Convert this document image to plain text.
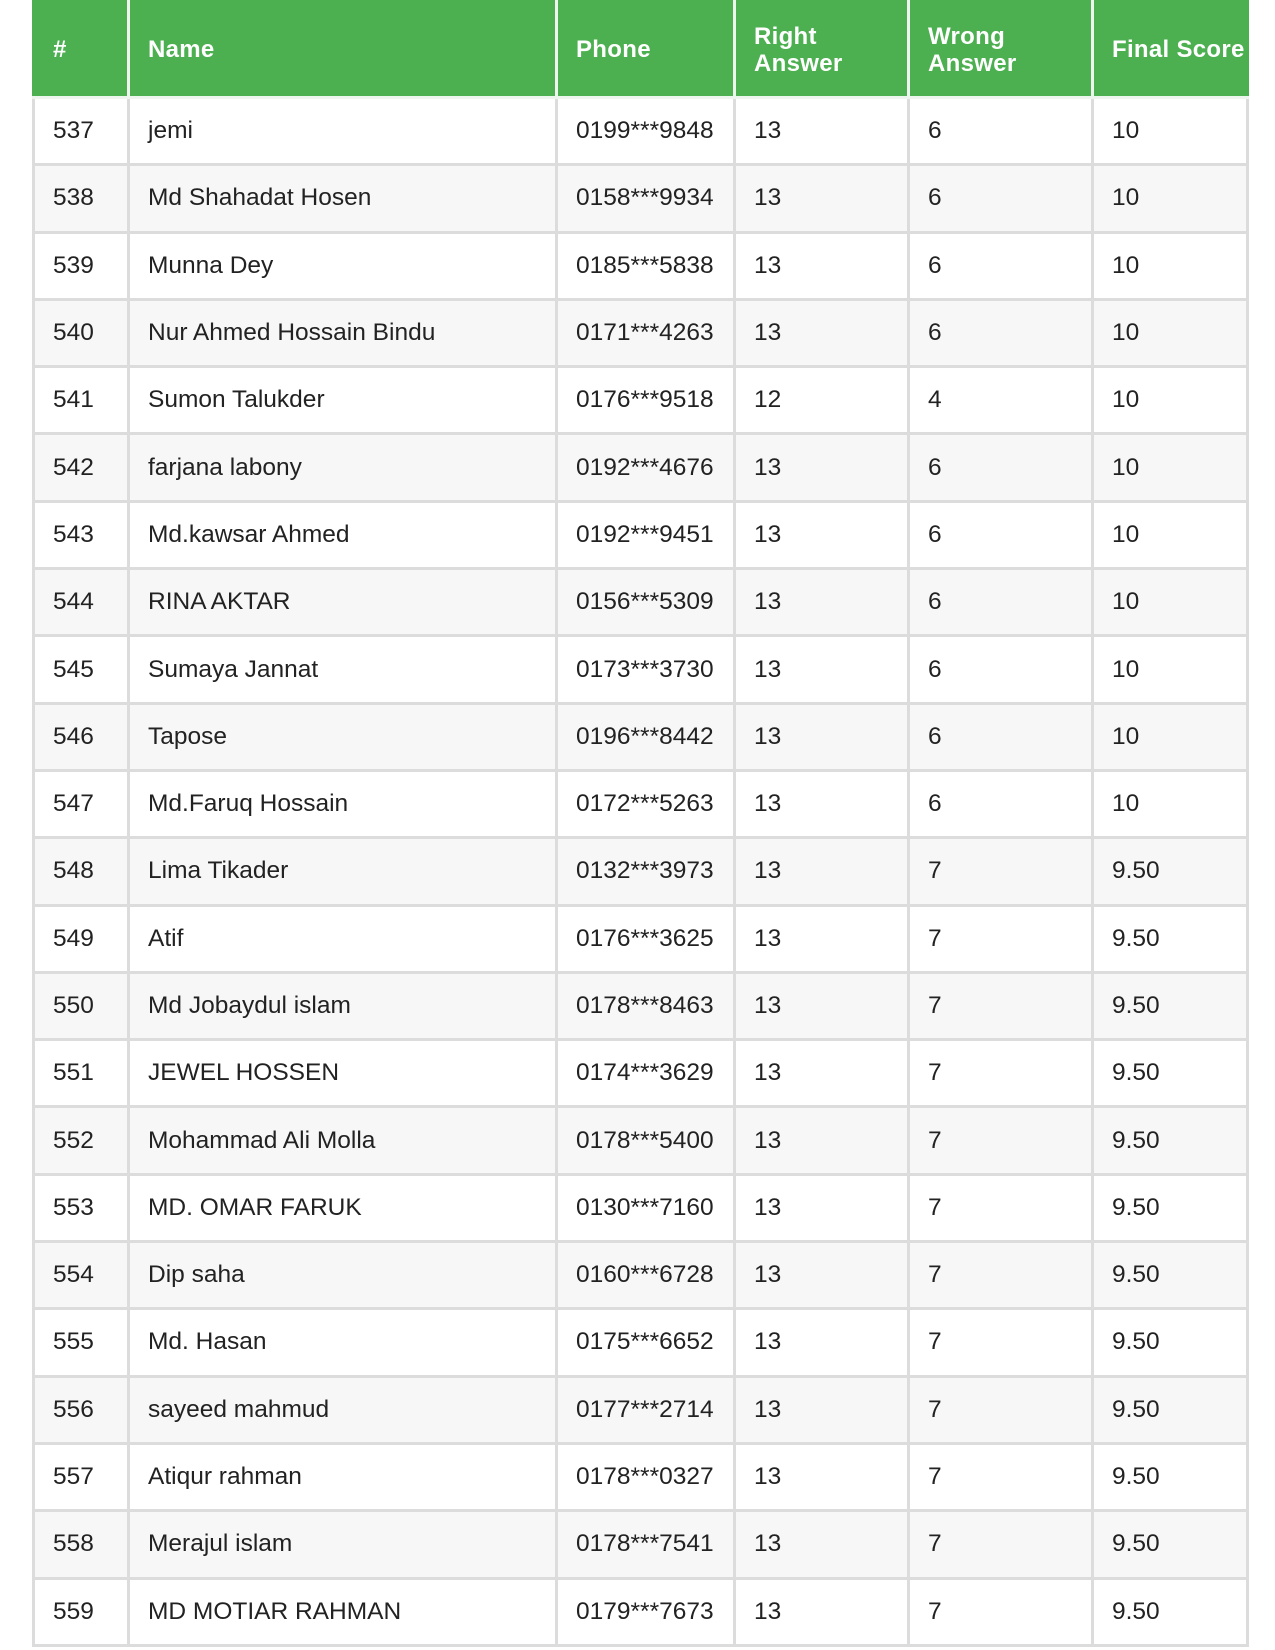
#	Name	Phone	Right Answer	Wrong Answer	Final Score
537	jemi	0199***9848	13	6	10
538	Md Shahadat Hosen	0158***9934	13	6	10
539	Munna Dey	0185***5838	13	6	10
540	Nur Ahmed Hossain Bindu	0171***4263	13	6	10
541	Sumon Talukder	0176***9518	12	4	10
542	farjana labony	0192***4676	13	6	10
543	Md.kawsar Ahmed	0192***9451	13	6	10
544	RINA AKTAR	0156***5309	13	6	10
545	Sumaya Jannat	0173***3730	13	6	10
546	Tapose	0196***8442	13	6	10
547	Md.Faruq Hossain	0172***5263	13	6	10
548	Lima Tikader	0132***3973	13	7	9.50
549	Atif	0176***3625	13	7	9.50
550	Md Jobaydul islam	0178***8463	13	7	9.50
551	JEWEL HOSSEN	0174***3629	13	7	9.50
552	Mohammad Ali Molla	0178***5400	13	7	9.50
553	MD. OMAR FARUK	0130***7160	13	7	9.50
554	Dip saha	0160***6728	13	7	9.50
555	Md. Hasan	0175***6652	13	7	9.50
556	sayeed mahmud	0177***2714	13	7	9.50
557	Atiqur rahman	0178***0327	13	7	9.50
558	Merajul islam	0178***7541	13	7	9.50
559	MD MOTIAR RAHMAN	0179***7673	13	7	9.50
